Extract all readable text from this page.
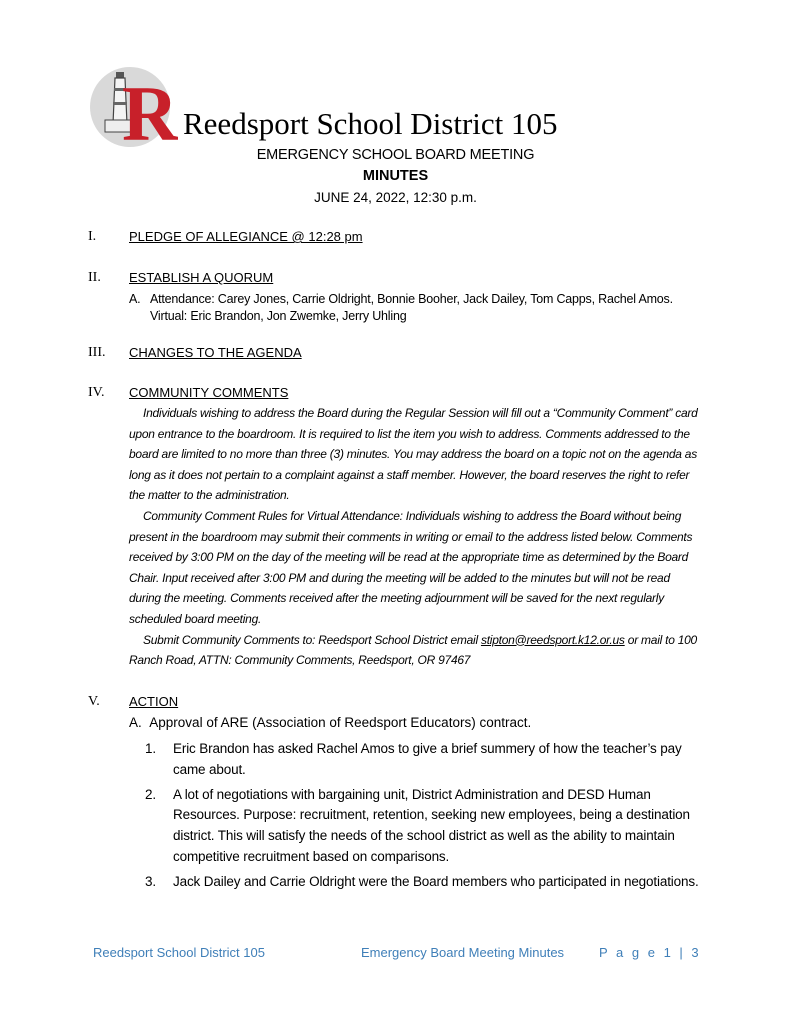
R Reedsport School District 105
EMERGENCY SCHOOL BOARD MEETING
MINUTES
JUNE 24, 2022, 12:30 p.m.
I.	PLEDGE OF ALLEGIANCE @ 12:28 pm
II. ESTABLISH A QUORUM
A. Attendance: Carey Jones, Carrie Oldright, Bonnie Booher, Jack Dailey, Tom Capps, Rachel Amos.
Virtual: Eric Brandon, Jon Zwemke, Jerry Uhling
III. CHANGES TO THE AGENDA
IV. COMMUNITY COMMENTS

Individuals wishing to address the Board during the Regular Session will fill out a “Community Comment” card upon entrance to the boardroom. It is required to list the item you wish to address. Comments addressed to the board are limited to no more than three (3) minutes. You may address the board on a topic not on the agenda as long as it does not pertain to a complaint against a staff member. However, the board reserves the right to refer the matter to the administration.

Community Comment Rules for Virtual Attendance: Individuals wishing to address the Board without being present in the boardroom may submit their comments in writing or email to the address listed below. Comments received by 3:00 PM on the day of the meeting will be read at the appropriate time as determined by the Board Chair. Input received after 3:00 PM and during the meeting will be added to the minutes but will not be read during the meeting. Comments received after the meeting adjournment will be saved for the next regularly scheduled board meeting.

Submit Community Comments to: Reedsport School District email stipton@reedsport.k12.or.us or mail to 100 Ranch Road, ATTN: Community Comments, Reedsport, OR 97467

V. ACTION
A. Approval of ARE (Association of Reedsport Educators) contract.
1. Eric Brandon has asked Rachel Amos to give a brief summery of how the teacher’s pay came about.
2. A lot of negotiations with bargaining unit, District Administration and DESD Human Resources. Purpose: recruitment, retention, seeking new employees, being a destination district. This will satisfy the needs of the school district as well as the ability to maintain competitive recruitment based on comparisons.
3. Jack Dailey and Carrie Oldright were the Board members who participated in negotiations.
Reedsport School District 105	Emergency Board Meeting Minutes	P a g e 1 | 3
